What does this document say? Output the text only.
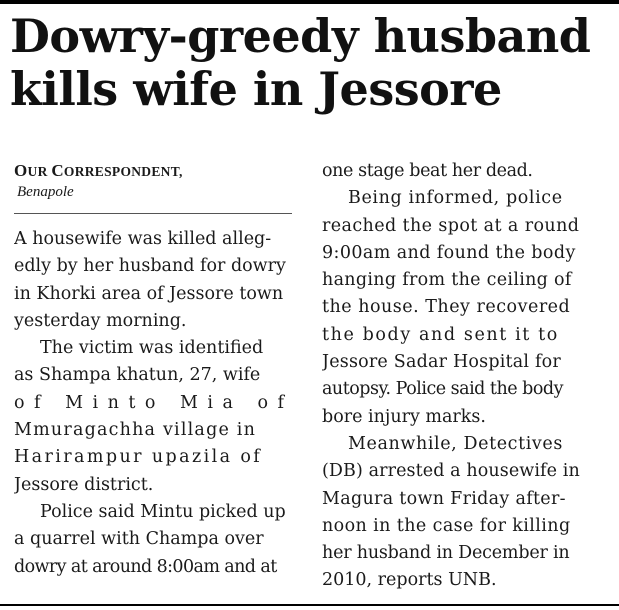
Dowry-greedy husband
kills wife in Jessore

OUR CORRESPONDENT,

Benapole

A housewife was killed alleg-
edly by her husband for dowry
in Khorki area of Jessore town
yesterday morning.

The victim was identified
as Shampa khatun, 27, wife
of Minto Mia of
Mmuragachha village in
Harirampur upazila of
Jessore district.

Police said Mintu picked up
a quarrel with Champa over
dowry at around 8:00am and at

one stage beat her dead.

Being informed, police
reached the spot at a round
9:00am and found the body
hanging from the ceiling of
the house. They recovered
the body and sent it to
Jessore Sadar Hospital for
autopsy. Police said the body
bore injury marks.

Meanwhile, Detectives
(DB) arrested a housewife in
Magura town Friday after-
noon in the case for killing
her husband in December in
2010, reports UNB.
